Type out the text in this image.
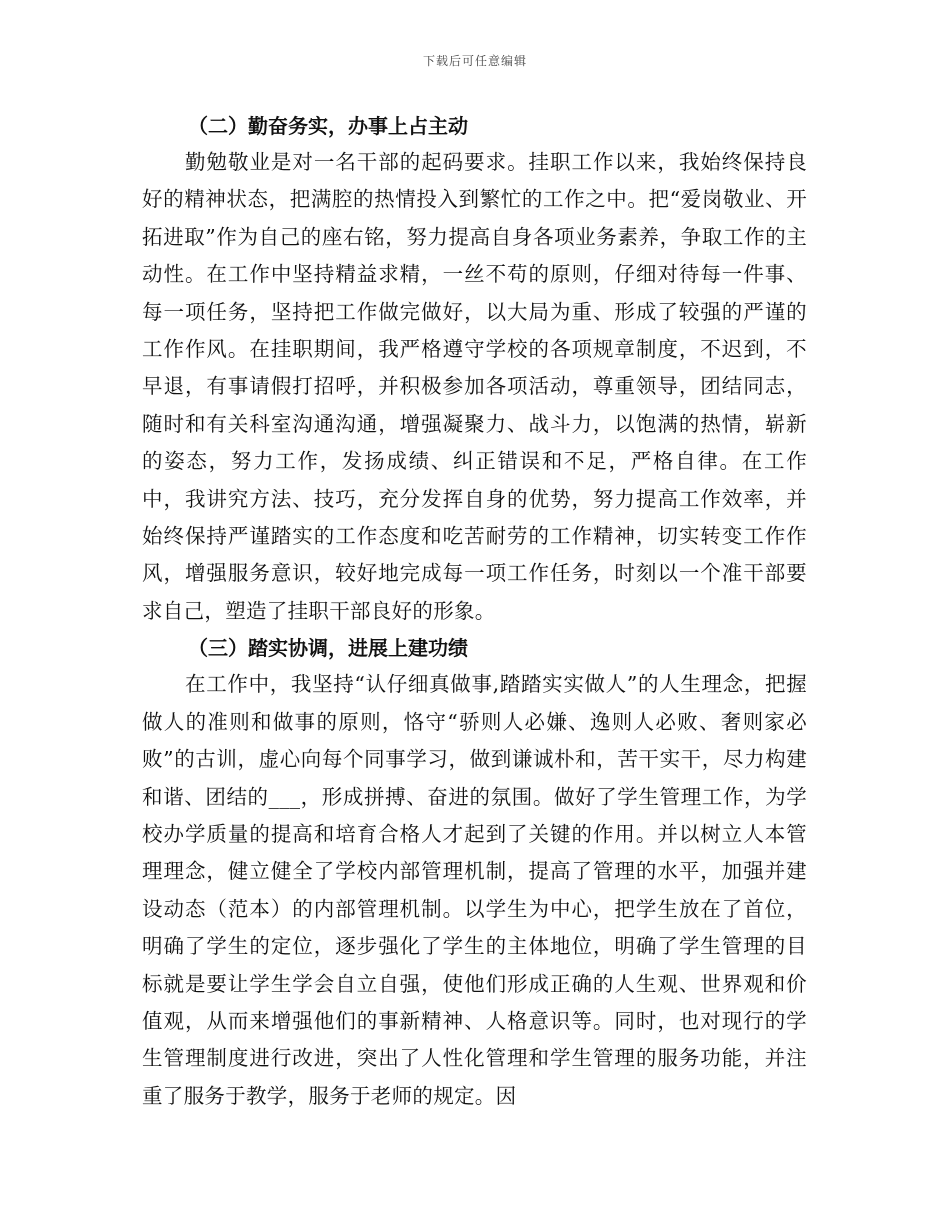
下载后可任意编辑
（二）勤奋务实，办事上占主动

勤勉敬业是对一名干部的起码要求。挂职工作以来，我始终保持良好的精神状态，把满腔的热情投入到繁忙的工作之中。把“爱岗敬业、开拓进取”作为自己的座右铭，努力提高自身各项业务素养，争取工作的主动性。在工作中坚持精益求精，一丝不苟的原则，仔细对待每一件事、每一项任务，坚持把工作做完做好，以大局为重、形成了较强的严谨的工作作风。在挂职期间，我严格遵守学校的各项规章制度，不迟到，不早退，有事请假打招呼，并积极参加各项活动，尊重领导，团结同志，随时和有关科室沟通沟通，增强凝聚力、战斗力，以饱满的热情，崭新的姿态，努力工作，发扬成绩、纠正错误和不足，严格自律。在工作中，我讲究方法、技巧，充分发挥自身的优势，努力提高工作效率，并始终保持严谨踏实的工作态度和吃苦耐劳的工作精神，切实转变工作作风，增强服务意识，较好地完成每一项工作任务，时刻以一个准干部要求自己，塑造了挂职干部良好的形象。

（三）踏实协调，进展上建功绩

在工作中，我坚持“认仔细真做事,踏踏实实做人”的人生理念，把握做人的准则和做事的原则，恪守“骄则人必嫌、逸则人必败、奢则家必败”的古训，虚心向每个同事学习，做到谦诚朴和，苦干实干，尽力构建和谐、团结的___，形成拼搏、奋进的氛围。做好了学生管理工作，为学校办学质量的提高和培育合格人才起到了关键的作用。并以树立人本管理理念，健立健全了学校内部管理机制，提高了管理的水平，加强并建设动态（范本）的内部管理机制。以学生为中心，把学生放在了首位，明确了学生的定位，逐步强化了学生的主体地位，明确了学生管理的目标就是要让学生学会自立自强，使他们形成正确的人生观、世界观和价值观，从而来增强他们的事新精神、人格意识等。同时，也对现行的学生管理制度进行改进，突出了人性化管理和学生管理的服务功能，并注重了服务于教学，服务于老师的规定。因
